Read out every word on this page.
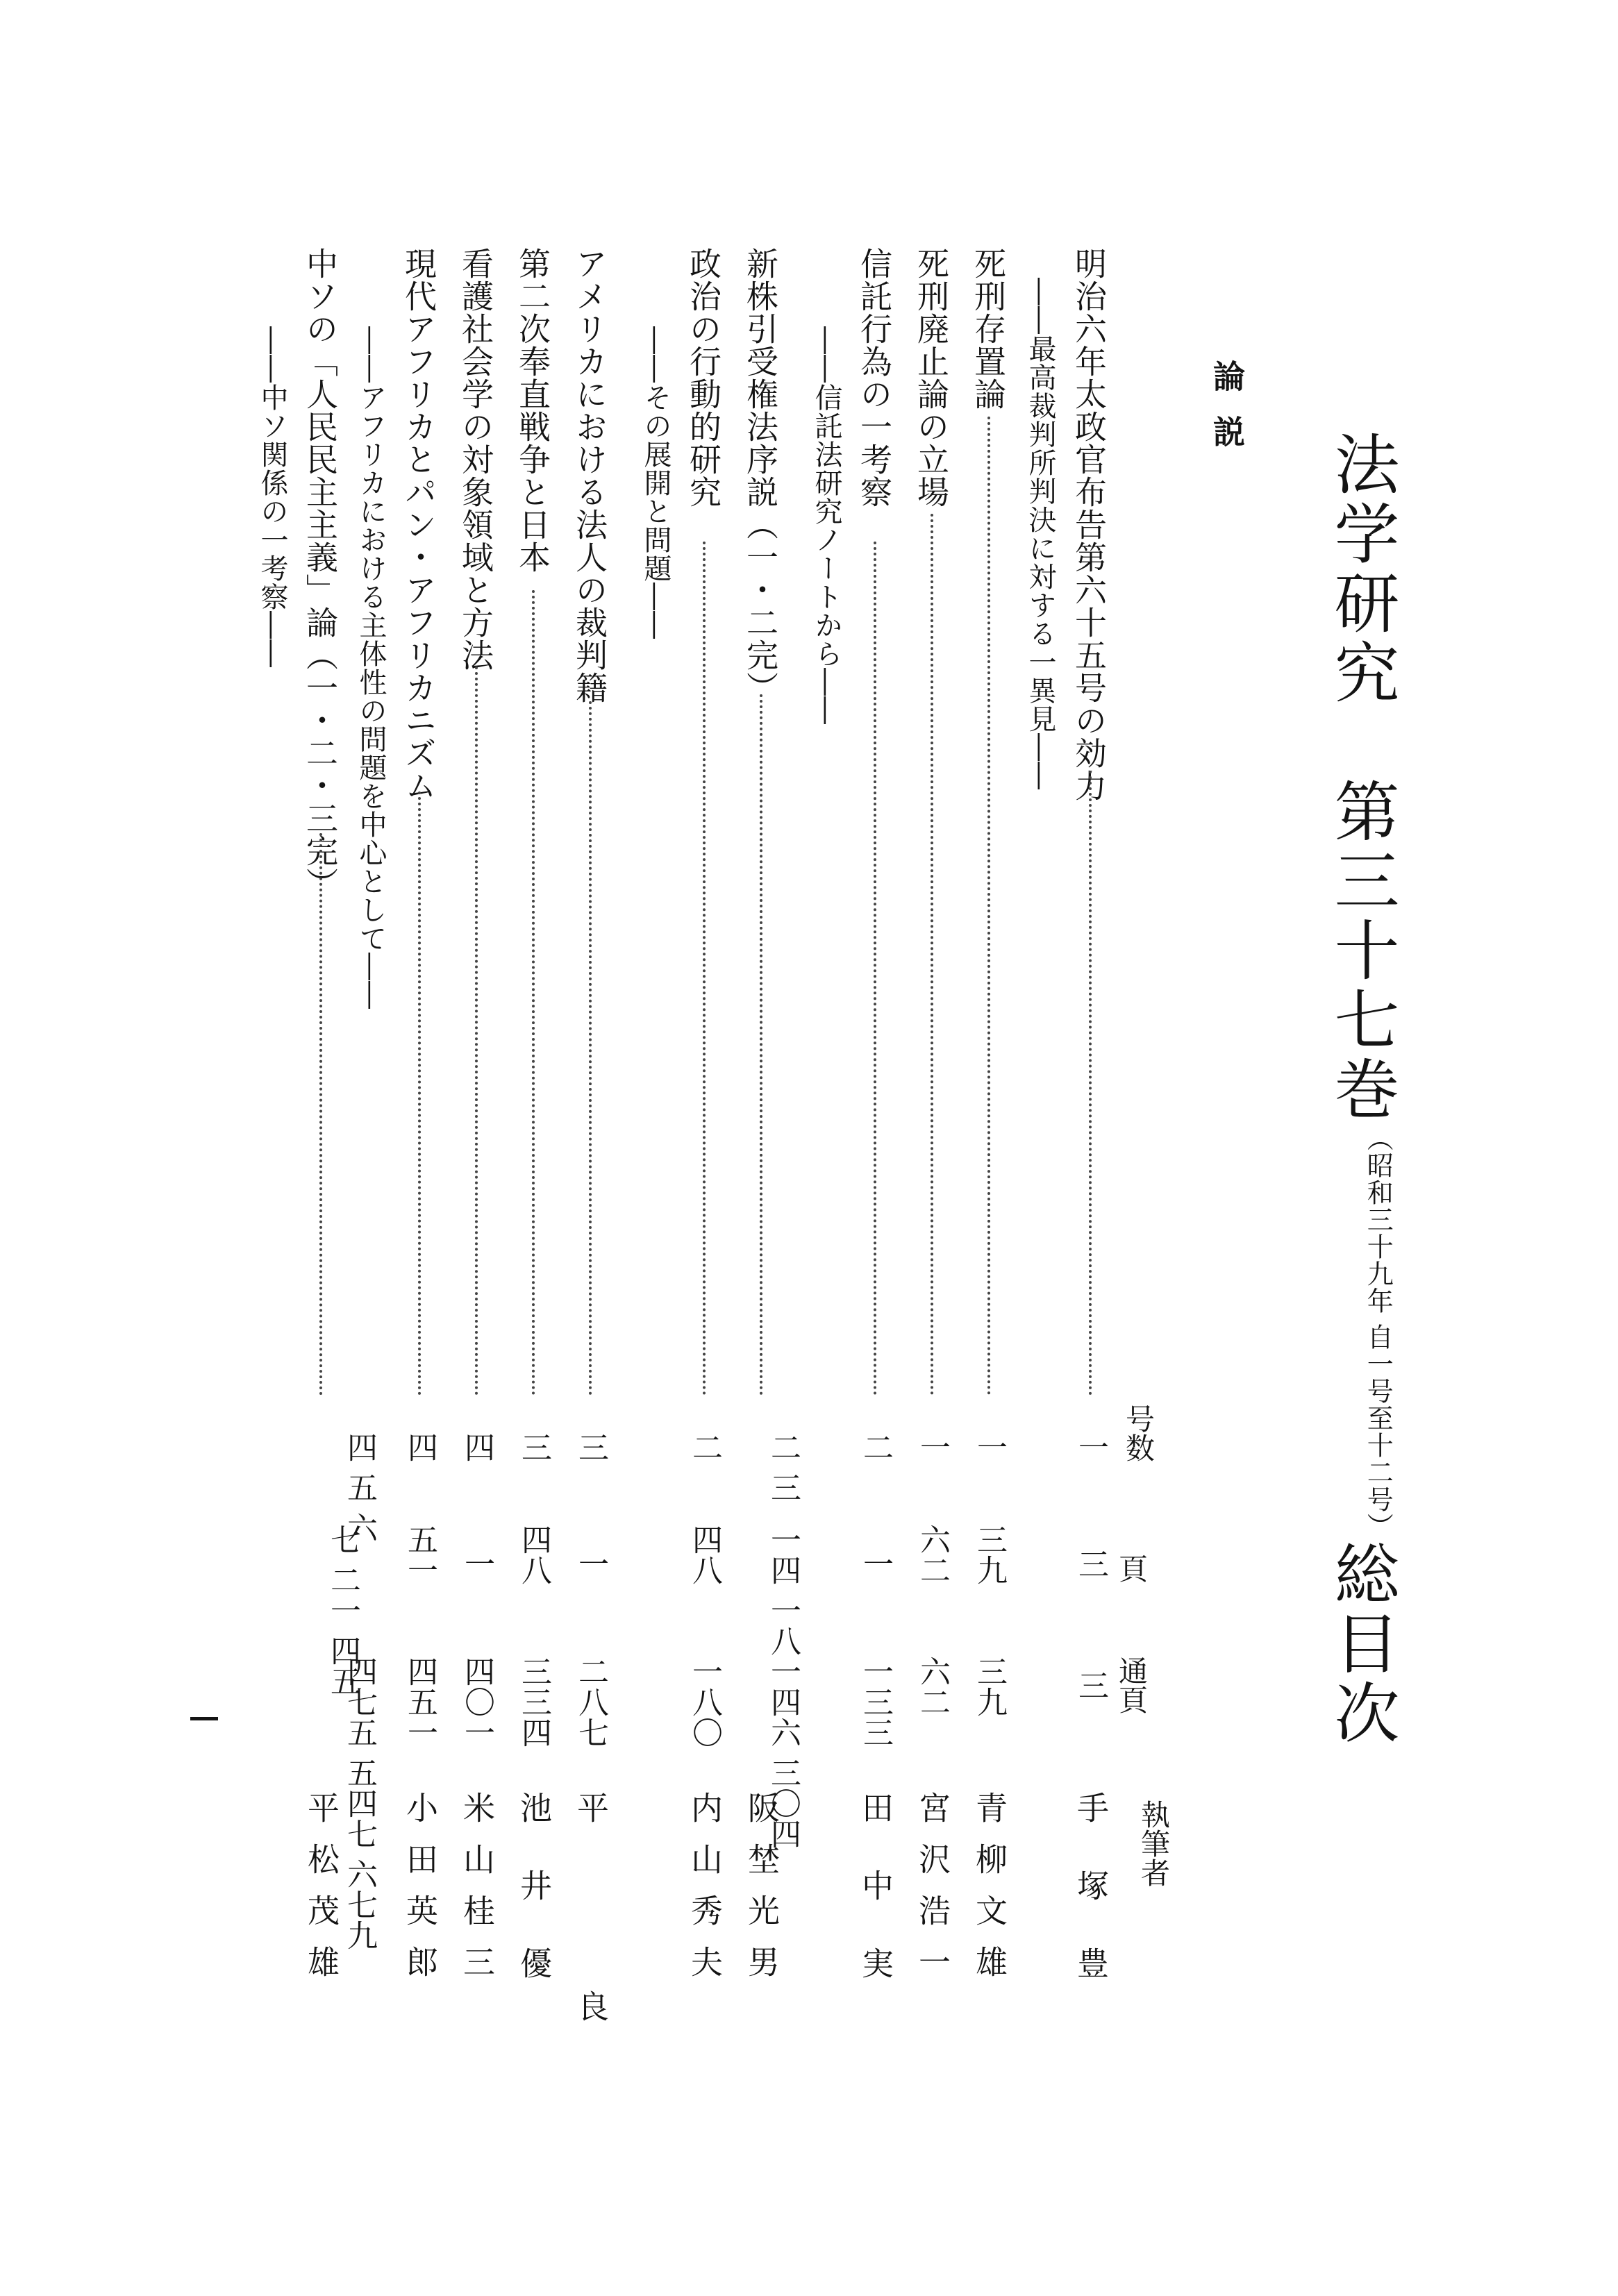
法学研究　第三十七巻（昭和三十九年 自一号至十二号）総目次
論説
号数
頁
通頁
執筆者
明治六年太政官布告第六十五号の効力
――最高裁判所判決に対する一異見――
一
三
三
手塚豊
死刑存置論
一
三九
三九
青柳文雄
死刑廃止論の立場
一
六二
六二
宮沢浩一
信託行為の一考察
――信託法研究ノートから――
二
一
一三三
田中実
新株引受権法序説（一・二完）
二 三
一四 一八
一四六 三〇四
阪埜光男
政治の行動的研究
――その展開と問題――
二
四八
一八〇
内山秀夫
アメリカにおける法人の裁判籍
三
一
二八七
平良
第二次奉直戦争と日本
三
四八
三三四
池井優
看護社会学の対象領域と方法
四
一
四〇一
米山桂三
現代アフリカとパン・アフリカニズム
――アフリカにおける主体性の問題を中心として――
四
五一
四五一
小田英郎
中ソの「人民民主主義」論（一・二・三完）
――中ソ関係の一考察――
四 五 六
七 二一 四五
四七五 五四七 六七九
平松茂雄
